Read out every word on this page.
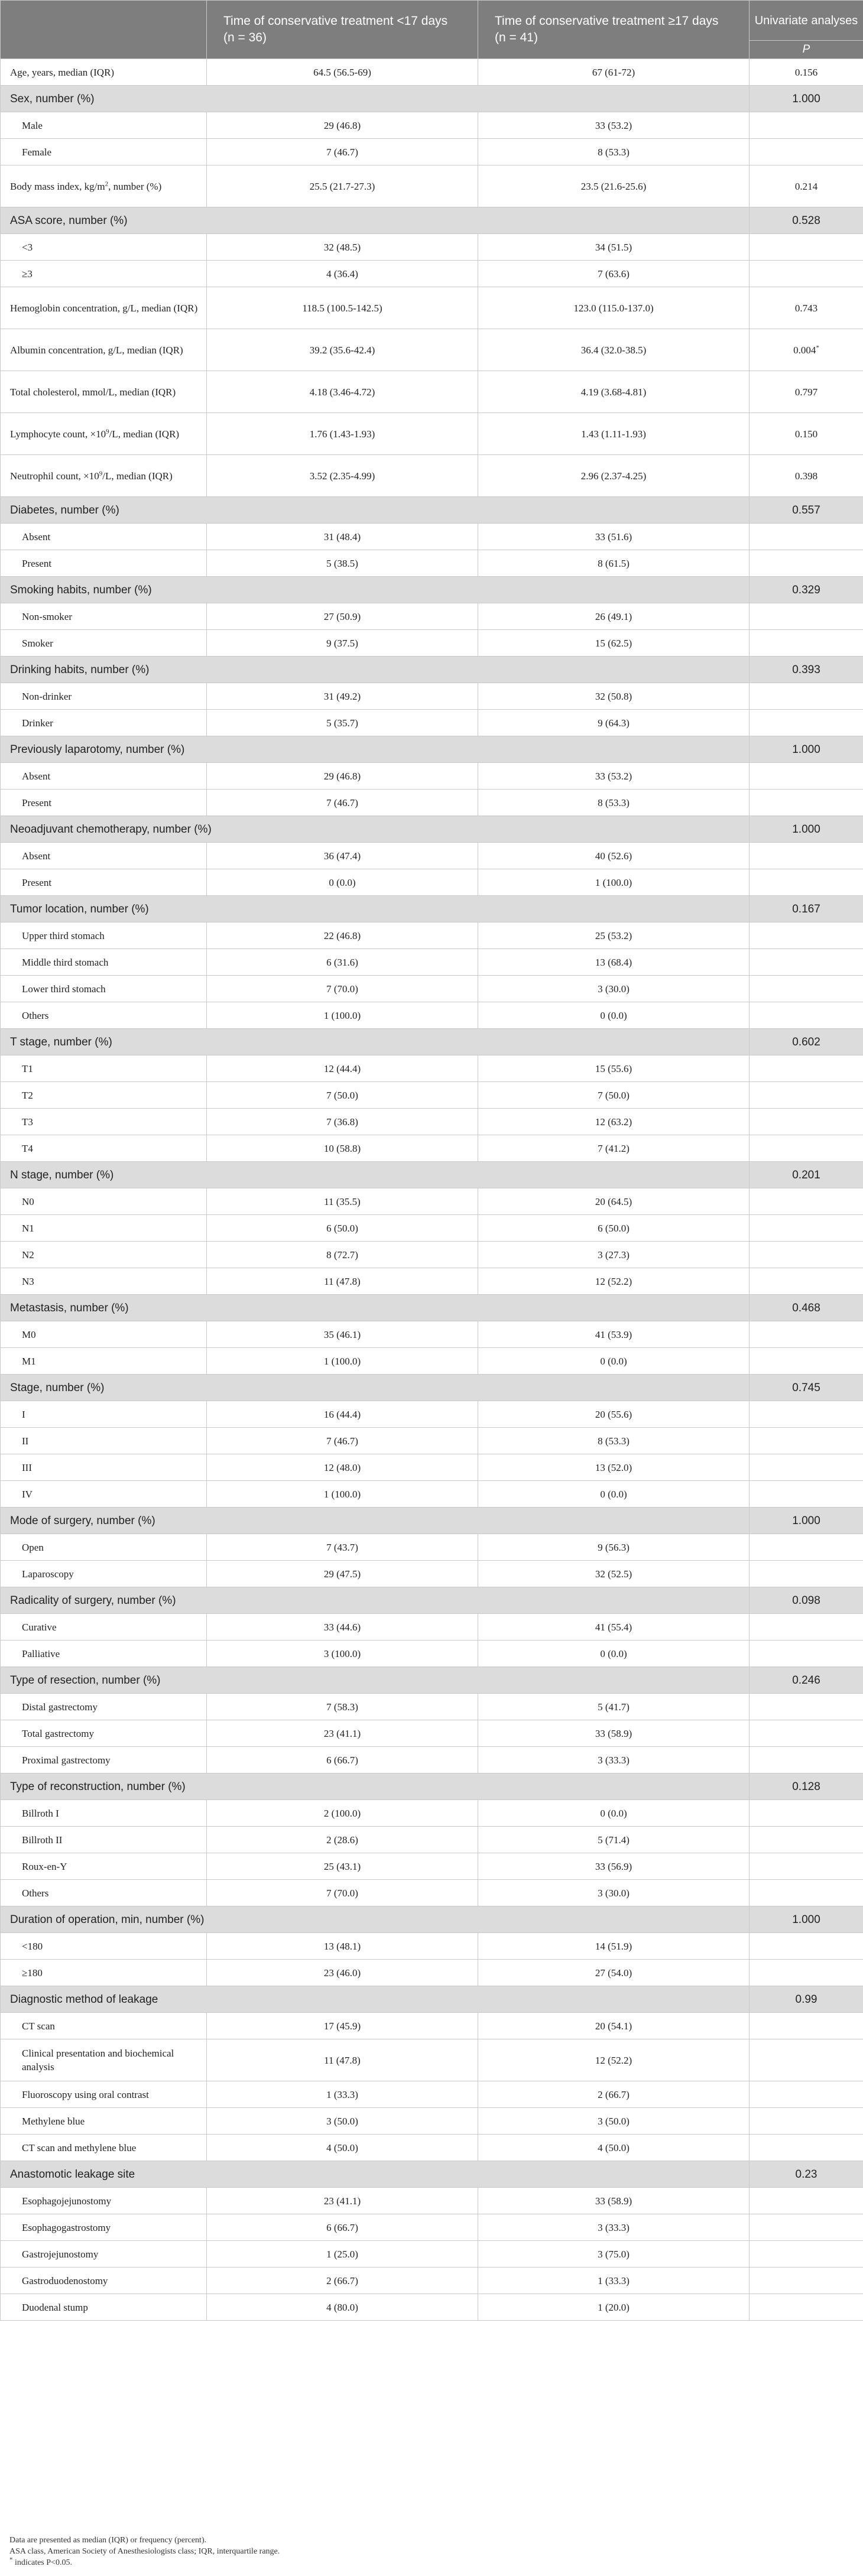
	Time of conservative treatment <17 days (n = 36)	Time of conservative treatment ≥17 days (n = 41)	Univariate analyses
			P
Age, years, median (IQR)	64.5 (56.5-69)	67 (61-72)	0.156
Sex, number (%)			1.000
Male	29 (46.8)	33 (53.2)	
Female	7 (46.7)	8 (53.3)	
Body mass index, $kg/m^2$, number (%)	25.5 (21.7-27.3)	23.5 (21.6-25.6)	0.214
ASA score, number (%)			0.528
<3	32 (48.5)	34 (51.5)	
≥3	4 (36.4)	7 (63.6)	
Hemoglobin concentration, g/L, median (IQR)	118.5 (100.5-142.5)	123.0 (115.0-137.0)	0.743
Albumin concentration, g/L, median (IQR)	39.2 (35.6-42.4)	36.4 (32.0-38.5)	0.004*
Total cholesterol, mmol/L, median (IQR)	4.18 (3.46-4.72)	4.19 (3.68-4.81)	0.797
Lymphocyte count, $\times 10^9/L$, median (IQR)	1.76 (1.43-1.93)	1.43 (1.11-1.93)	0.150
Neutrophil count, $\times 10^9/L$, median (IQR)	3.52 (2.35-4.99)	2.96 (2.37-4.25)	0.398
Diabetes, number (%)			0.557
Absent	31 (48.4)	33 (51.6)	
Present	5 (38.5)	8 (61.5)	
Smoking habits, number (%)			0.329
Non-smoker	27 (50.9)	26 (49.1)	
Smoker	9 (37.5)	15 (62.5)	
Drinking habits, number (%)			0.393
Non-drinker	31 (49.2)	32 (50.8)	
Drinker	5 (35.7)	9 (64.3)	
Previously laparotomy, number (%)			1.000
Absent	29 (46.8)	33 (53.2)	
Present	7 (46.7)	8 (53.3)	
Neoadjuvant chemotherapy, number (%)			1.000
Absent	36 (47.4)	40 (52.6)	
Present	0 (0.0)	1 (100.0)	
Tumor location, number (%)			0.167
Upper third stomach	22 (46.8)	25 (53.2)	
Middle third stomach	6 (31.6)	13 (68.4)	
Lower third stomach	7 (70.0)	3 (30.0)	
Others	1 (100.0)	0 (0.0)	
T stage, number (%)			0.602
T1	12 (44.4)	15 (55.6)	
T2	7 (50.0)	7 (50.0)	
T3	7 (36.8)	12 (63.2)	
T4	10 (58.8)	7 (41.2)	
N stage, number (%)			0.201
N0	11 (35.5)	20 (64.5)	
N1	6 (50.0)	6 (50.0)	
N2	8 (72.7)	3 (27.3)	
N3	11 (47.8)	12 (52.2)	
Metastasis, number (%)			0.468
M0	35 (46.1)	41 (53.9)	
M1	1 (100.0)	0 (0.0)	
Stage, number (%)			0.745
I	16 (44.4)	20 (55.6)	
II	7 (46.7)	8 (53.3)	
III	12 (48.0)	13 (52.0)	
IV	1 (100.0)	0 (0.0)	
Mode of surgery, number (%)			1.000
Open	7 (43.7)	9 (56.3)	
Laparoscopy	29 (47.5)	32 (52.5)	
Radicality of surgery, number (%)			0.098
Curative	33 (44.6)	41 (55.4)	
Palliative	3 (100.0)	0 (0.0)	
Type of resection, number (%)			0.246
Distal gastrectomy	7 (58.3)	5 (41.7)	
Total gastrectomy	23 (41.1)	33 (58.9)	
Proximal gastrectomy	6 (66.7)	3 (33.3)	
Type of reconstruction, number (%)			0.128
Billroth I	2 (100.0)	0 (0.0)	
Billroth II	2 (28.6)	5 (71.4)	
Roux-en-Y	25 (43.1)	33 (56.9)	
Others	7 (70.0)	3 (30.0)	
Duration of operation, min, number (%)			1.000
<180	13 (48.1)	14 (51.9)	
≥180	23 (46.0)	27 (54.0)	
Diagnostic method of leakage			0.99
CT scan	17 (45.9)	20 (54.1)	
Clinical presentation and biochemical analysis	11 (47.8)	12 (52.2)	
Fluoroscopy using oral contrast	1 (33.3)	2 (66.7)	
Methylene blue	3 (50.0)	3 (50.0)	
CT scan and methylene blue	4 (50.0)	4 (50.0)	
Anastomotic leakage site			0.23
Esophagojejunostomy	23 (41.1)	33 (58.9)	
Esophagogastrostomy	6 (66.7)	3 (33.3)	
Gastrojejunostomy	1 (25.0)	3 (75.0)	
Gastroduodenostomy	2 (66.7)	1 (33.3)	
Duodenal stump	4 (80.0)	1 (20.0)	
Data are presented as median (IQR) or frequency (percent).
ASA class, American Society of Anesthesiologists class; IQR, interquartile range.
* indicates P<0.05.
